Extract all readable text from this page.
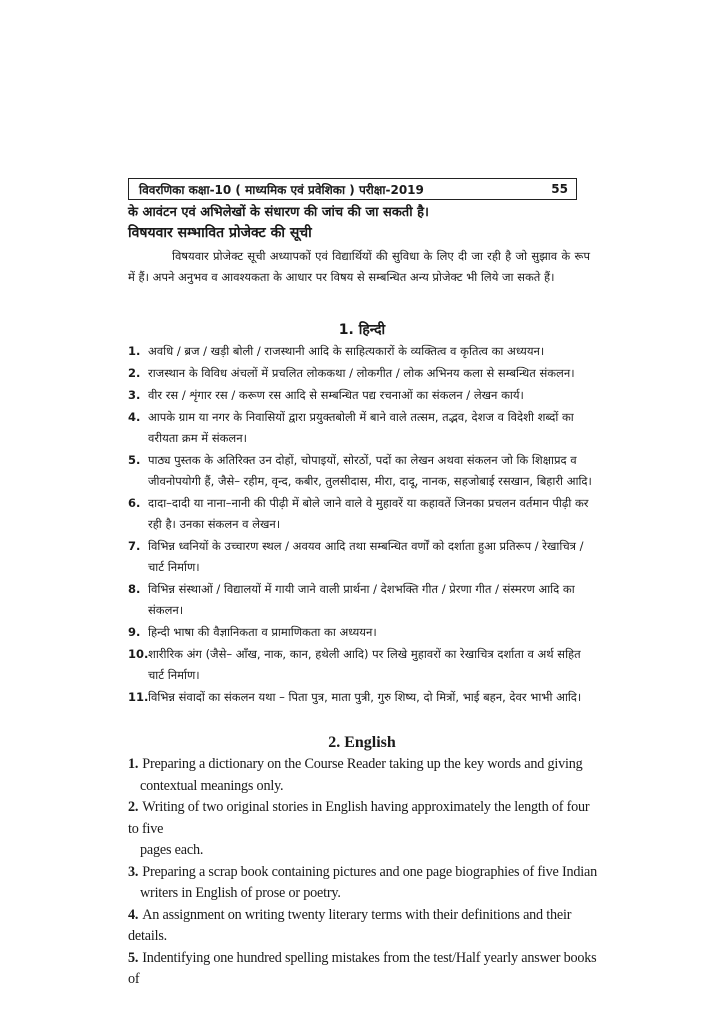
विवरणिका कक्षा-10 ( माध्यमिक एवं प्रवेशिका ) परीक्षा-2019	55
के आवंटन एवं अभिलेखों के संधारण की जांच की जा सकती है।
विषयवार सम्भावित प्रोजेक्ट की सूची
विषयवार प्रोजेक्ट सूची अध्यापकों एवं विद्यार्थियों की सुविधा के लिए दी जा रही है जो सुझाव के रूप में हैं। अपने अनुभव व आवश्यकता के आधार पर विषय से सम्बन्धित अन्य प्रोजेक्ट भी लिये जा सकते हैं।
1. हिन्दी
1. अवधि / ब्रज / खड़ी बोली / राजस्थानी आदि के साहित्यकारों के व्यक्तित्व व कृतित्व का अध्ययन।
2. राजस्थान के विविध अंचलों में प्रचलित लोककथा / लोकगीत / लोक अभिनय कला से सम्बन्धित संकलन।
3. वीर रस / शृंगार रस / करूण रस आदि से सम्बन्धित पद्य रचनाओं का संकलन / लेखन कार्य।
4. आपके ग्राम या नगर के निवासियों द्वारा प्रयुक्तबोली में बाने वाले तत्सम, तद्भव, देशज व विदेशी शब्दों का वरीयता क्रम में संकलन।
5. पाठ्य पुस्तक के अतिरिक्त उन दोहों, चोपाइयों, सोरठों, पदों का लेखन अथवा संकलन जो कि शिक्षाप्रद व जीवनोपयोगी हैं, जैसे– रहीम, वृन्द, कबीर, तुलसीदास, मीरा, दादू, नानक, सहजोबाई रसखान, बिहारी आदि।
6. दादा–दादी या नाना–नानी की पीढ़ी में बोले जाने वाले वे मुहावरें या कहावतें जिनका प्रचलन वर्तमान पीढ़ी कर रही है। उनका संकलन व लेखन।
7. विभिन्न ध्वनियों के उच्चारण स्थल / अवयव आदि तथा सम्बन्धित वर्णों को दर्शाता हुआ प्रतिरूप / रेखाचित्र / चार्ट निर्माण।
8. विभिन्न संस्थाओं / विद्यालयों में गायी जाने वाली प्रार्थना / देशभक्ति गीत / प्रेरणा गीत / संस्मरण आदि का संकलन।
9. हिन्दी भाषा की वैज्ञानिकता व प्रामाणिकता का अध्ययन।
10. शारीरिक अंग (जैसे– आँख, नाक, कान, हथेली आदि) पर लिखे मुहावरों का रेखाचित्र दर्शाता व अर्थ सहित चार्ट निर्माण।
11. विभिन्न संवादों का संकलन यथा – पिता पुत्र, माता पुत्री, गुरु शिष्य, दो मित्रों, भाई बहन, देवर भाभी आदि।
2. English
1. Preparing a dictionary on the Course Reader taking up the key words and giving
contextual meanings only.
2. Writing of two original stories in English having approximately the length of four to five
pages each.
3. Preparing a scrap book containing pictures and one page biographies of five Indian
writers in English of prose or poetry.
4. An assignment on writing twenty literary terms with their definitions and their details.
5. Indentifying one hundred spelling mistakes from the test/Half yearly answer books of
